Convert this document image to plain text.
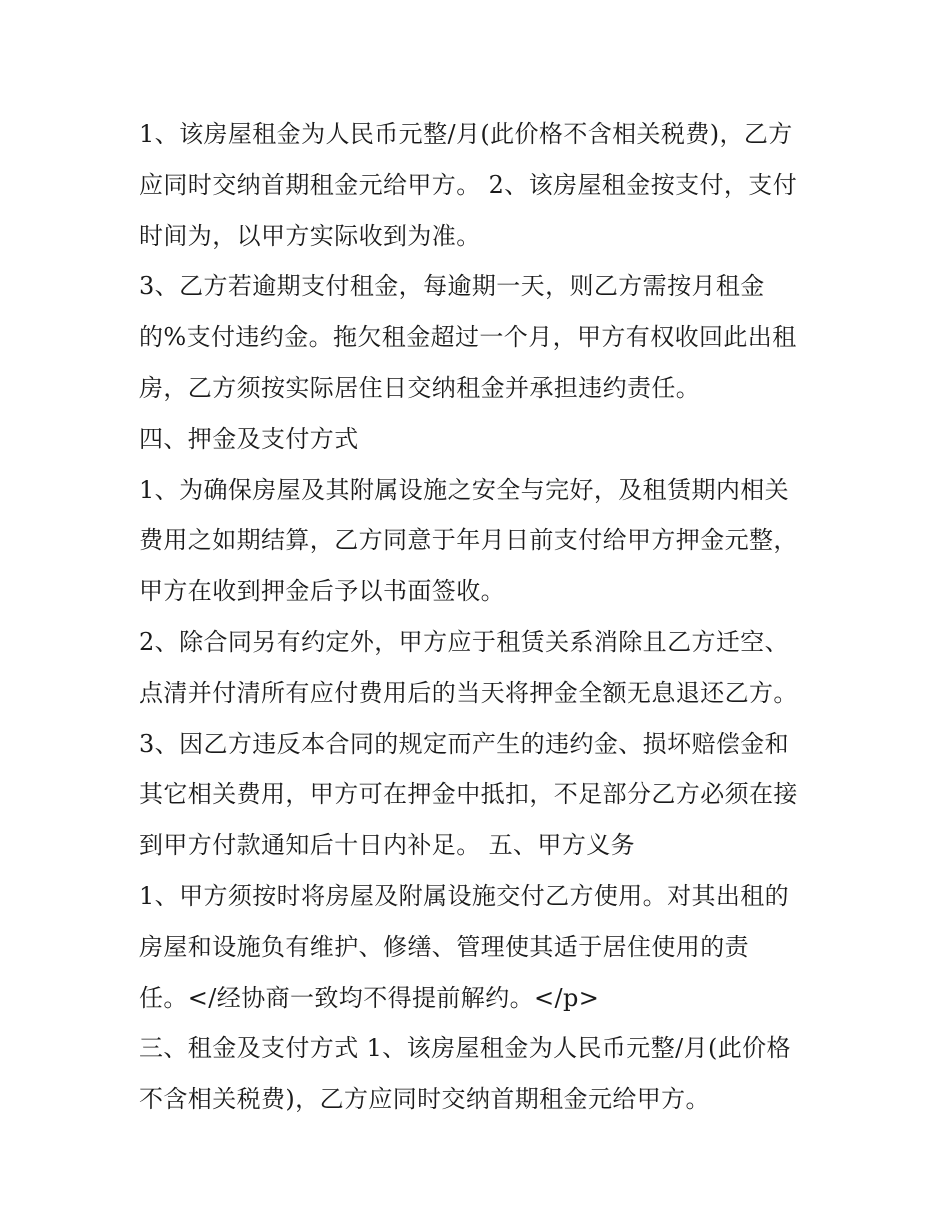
1、该房屋租金为人民币元整/月(此价格不含相关税费)，乙方
应同时交纳首期租金元给甲方。 2、该房屋租金按支付，支付
时间为，以甲方实际收到为准。
3、乙方若逾期支付租金，每逾期一天，则乙方需按月租金
的%支付违约金。拖欠租金超过一个月，甲方有权收回此出租
房，乙方须按实际居住日交纳租金并承担违约责任。
四、押金及支付方式
1、为确保房屋及其附属设施之安全与完好，及租赁期内相关
费用之如期结算，乙方同意于年月日前支付给甲方押金元整，
甲方在收到押金后予以书面签收。
2、除合同另有约定外，甲方应于租赁关系消除且乙方迁空、
点清并付清所有应付费用后的当天将押金全额无息退还乙方。
3、因乙方违反本合同的规定而产生的违约金、损坏赔偿金和
其它相关费用，甲方可在押金中抵扣，不足部分乙方必须在接
到甲方付款通知后十日内补足。 五、甲方义务
1、甲方须按时将房屋及附属设施交付乙方使用。对其出租的
房屋和设施负有维护、修缮、管理使其适于居住使用的责
任。</经协商一致均不得提前解约。</p>
三、租金及支付方式 1、该房屋租金为人民币元整/月(此价格
不含相关税费)，乙方应同时交纳首期租金元给甲方。
